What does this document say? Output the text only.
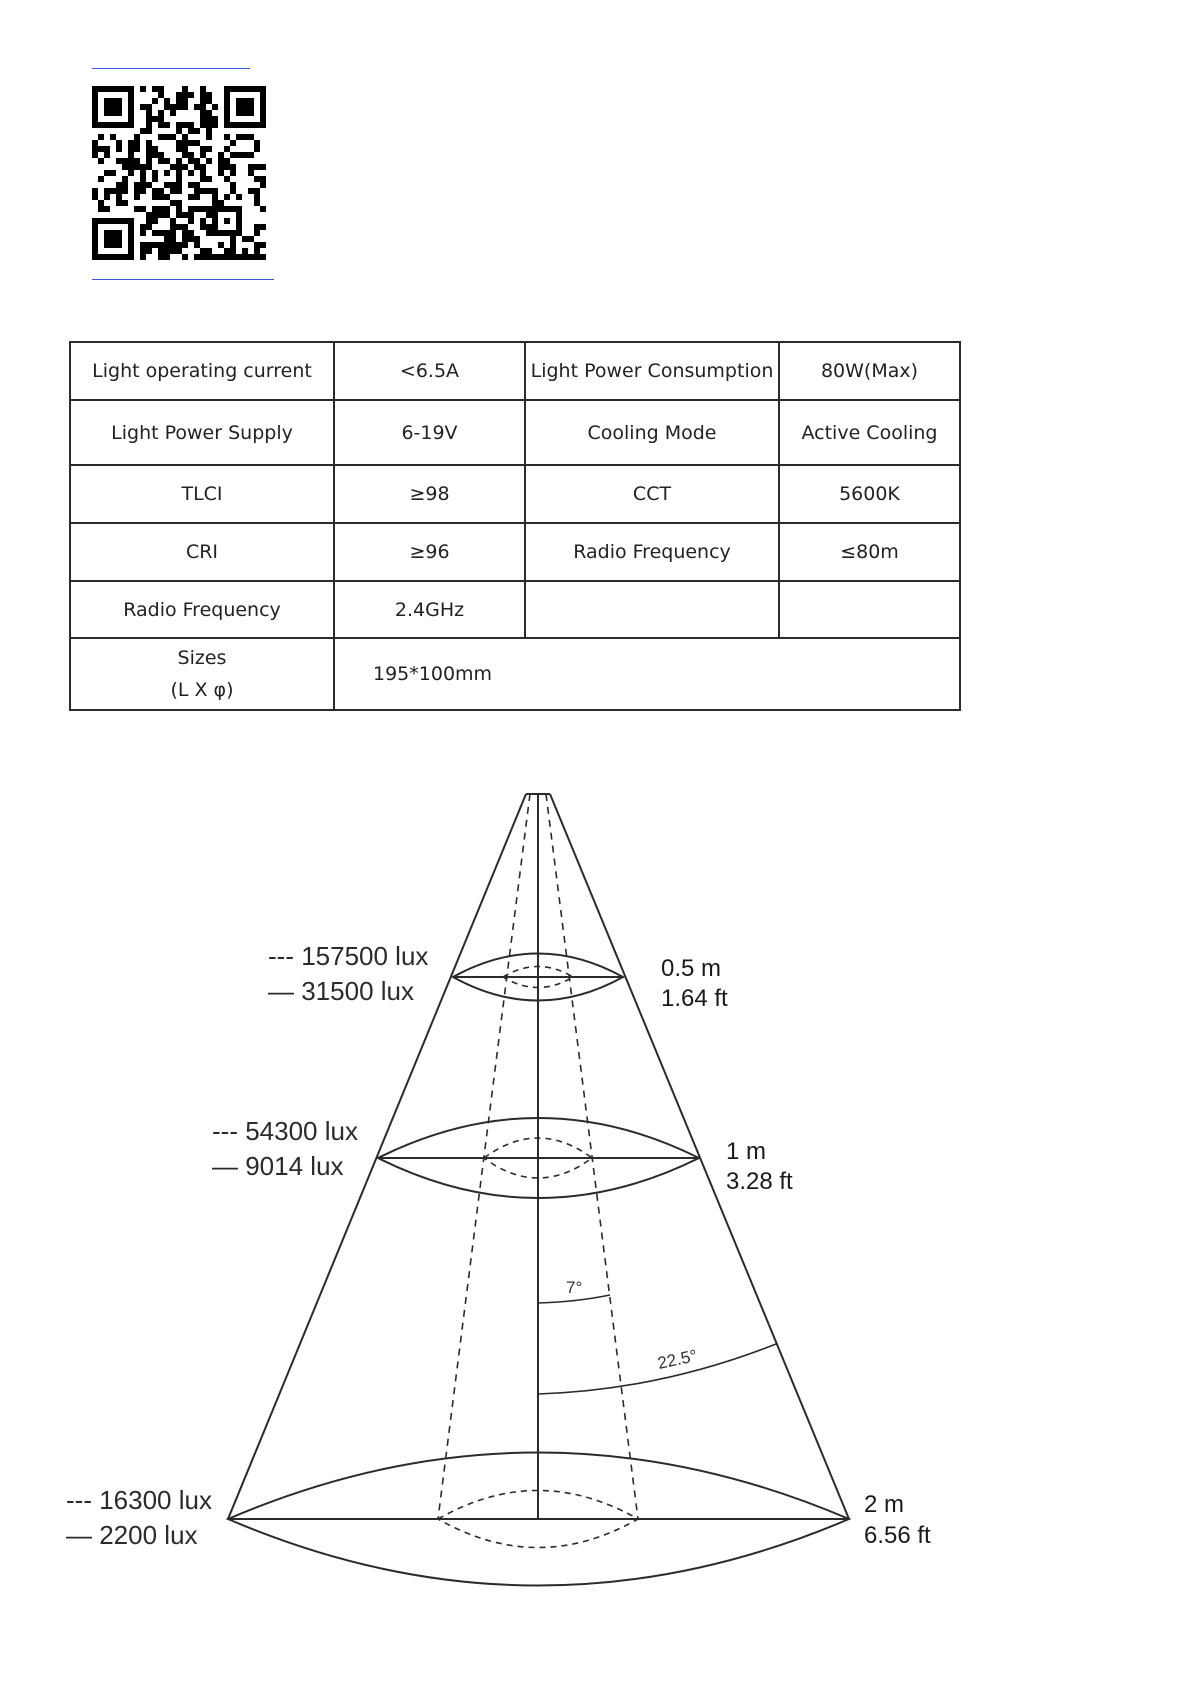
Light operating current	<6.5A	Light Power Consumption	80W(Max)
Light Power Supply	6-19V	Cooling Mode	Active Cooling
TLCI	≥98	CCT	5600K
CRI	≥96	Radio Frequency	≤80m
Radio Frequency	2.4GHz		

Sizes
(L X φ)	195*100mm		
7°
22.5°
--- 157500 lux
— 31500 lux
--- 54300 lux
— 9014 lux
--- 16300 lux
— 2200 lux
0.5 m
1.64 ft
1 m
3.28 ft
2 m
6.56 ft
